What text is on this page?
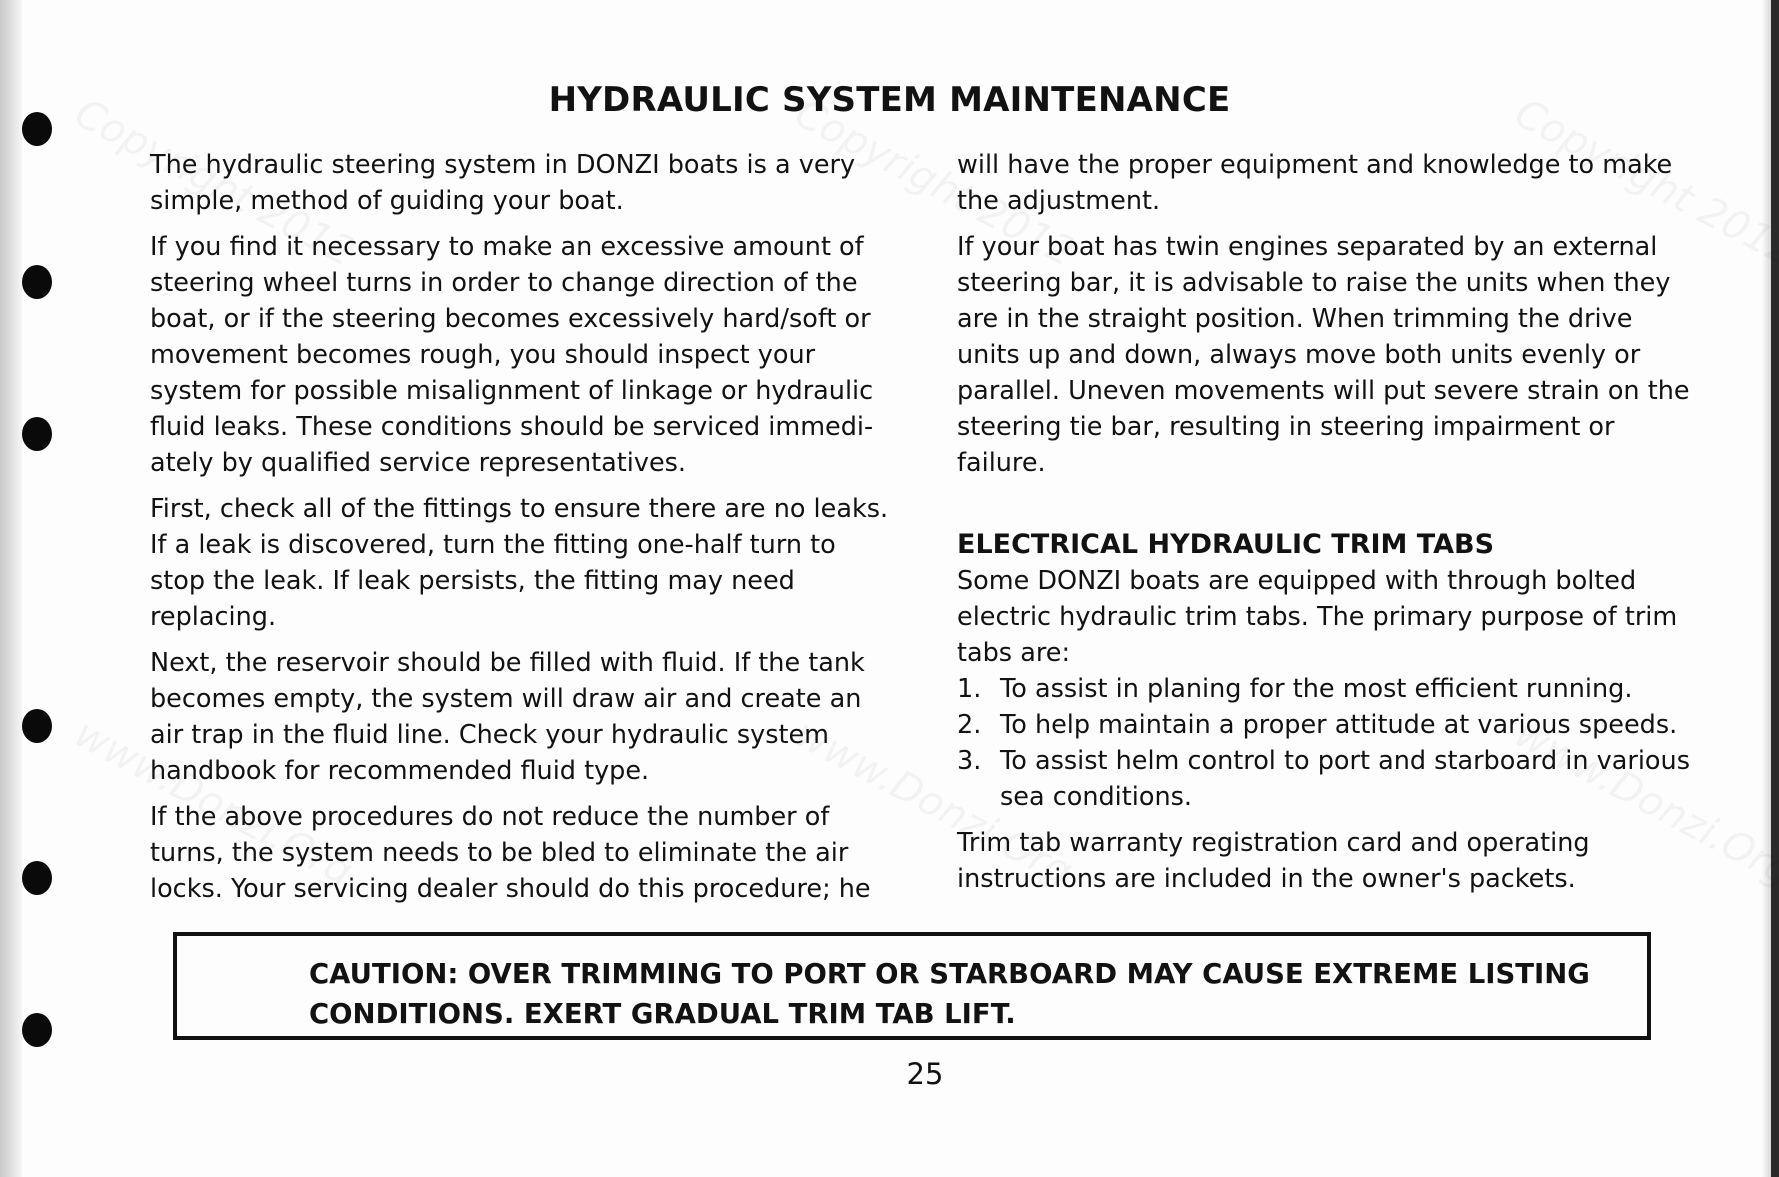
HYDRAULIC SYSTEM MAINTENANCE
The hydraulic steering system in DONZI boats is a very
simple, method of guiding your boat.
If you find it necessary to make an excessive amount of
steering wheel turns in order to change direction of the
boat, or if the steering becomes excessively hard/soft or
movement becomes rough, you should inspect your
system for possible misalignment of linkage or hydraulic
fluid leaks. These conditions should be serviced immedi-
ately by qualified service representatives.
First, check all of the fittings to ensure there are no leaks.
If a leak is discovered, turn the fitting one-half turn to
stop the leak. If leak persists, the fitting may need
replacing.
Next, the reservoir should be filled with fluid. If the tank
becomes empty, the system will draw air and create an
air trap in the fluid line. Check your hydraulic system
handbook for recommended fluid type.
If the above procedures do not reduce the number of
turns, the system needs to be bled to eliminate the air
locks. Your servicing dealer should do this procedure; he
will have the proper equipment and knowledge to make
the adjustment.
If your boat has twin engines separated by an external
steering bar, it is advisable to raise the units when they
are in the straight position. When trimming the drive
units up and down, always move both units evenly or
parallel. Uneven movements will put severe strain on the
steering tie bar, resulting in steering impairment or
failure.
ELECTRICAL HYDRAULIC TRIM TABS
Some DONZI boats are equipped with through bolted
electric hydraulic trim tabs. The primary purpose of trim
tabs are:
1. To assist in planing for the most efficient running.
2. To help maintain a proper attitude at various speeds.
3. To assist helm control to port and starboard in various
sea conditions.
Trim tab warranty registration card and operating
instructions are included in the owner's packets.
CAUTION: OVER TRIMMING TO PORT OR STARBOARD MAY CAUSE EXTREME LISTING
CONDITIONS. EXERT GRADUAL TRIM TAB LIFT.
25
